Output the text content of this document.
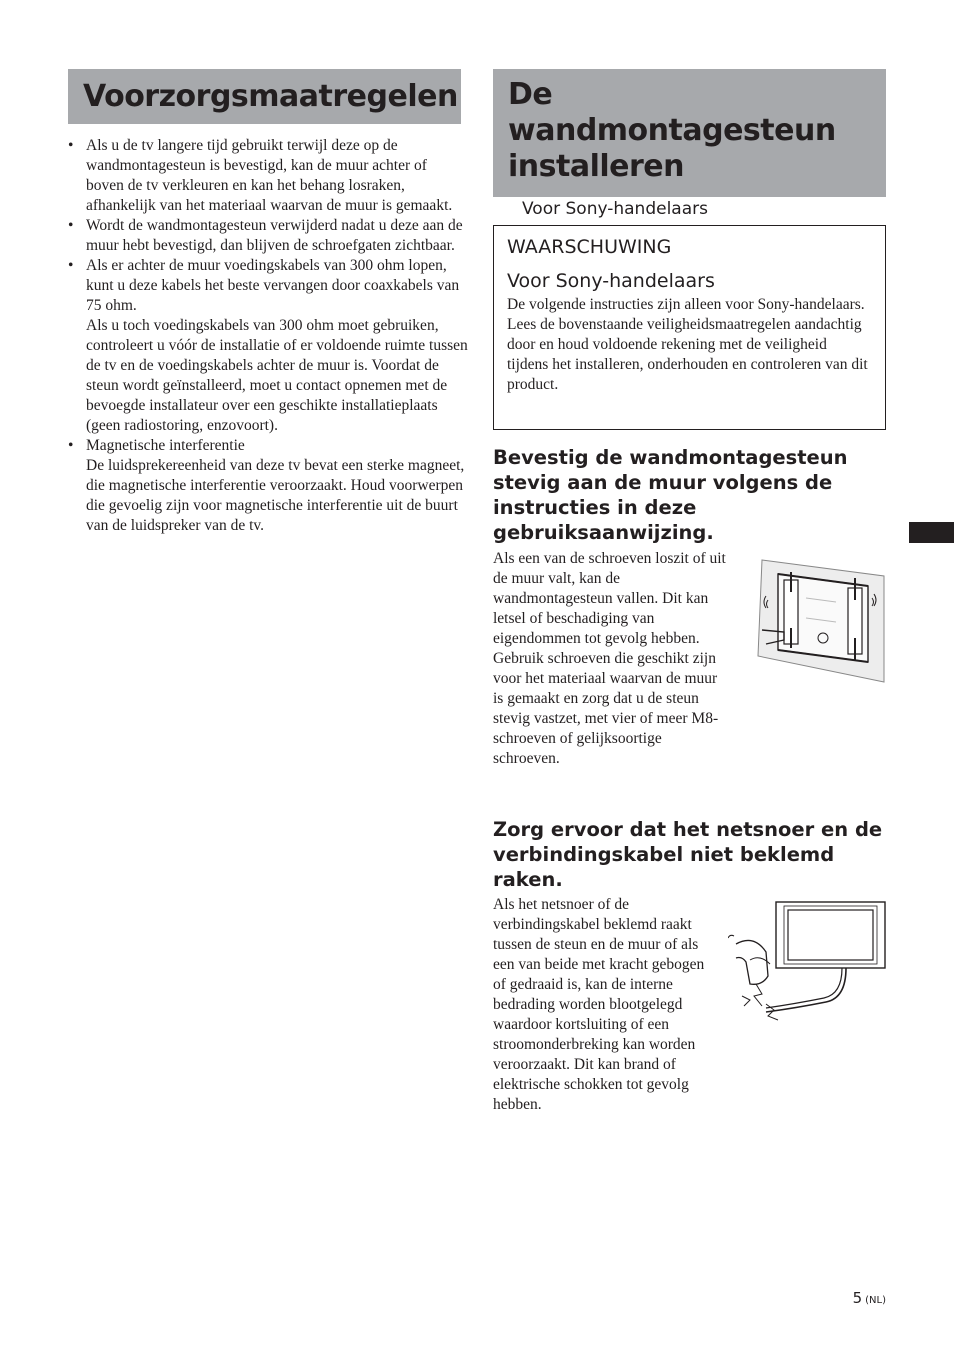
Voorzorgsmaatregelen
• Als u de tv langere tijd gebruikt terwijl deze op de wandmontagesteun is bevestigd, kan de muur achter of boven de tv verkleuren en kan het behang losraken, afhankelijk van het materiaal waarvan de muur is gemaakt.

• Wordt de wandmontagesteun verwijderd nadat u deze aan de muur hebt bevestigd, dan blijven de schroefgaten zichtbaar.

• Als er achter de muur voedingskabels van 300 ohm lopen, kunt u deze kabels het beste vervangen door coaxkabels van 75 ohm.

Als u toch voedingskabels van 300 ohm moet gebruiken, controleert u vóór de installatie of er voldoende ruimte tussen de tv en de voedingskabels achter de muur is. Voordat de steun wordt geïnstalleerd, moet u contact opnemen met de bevoegde installateur over een geschikte installatieplaats (geen radiostoring, enzovoort).

• Magnetische interferentie

De luidsprekereenheid van deze tv bevat een sterke magneet, die magnetische interferentie veroorzaakt. Houd voorwerpen die gevoelig zijn voor magnetische interferentie uit de buurt van de luidspreker van de tv.

De wandmontagesteun installeren
Voor Sony-handelaars

WAARSCHUWING

Voor Sony-handelaars

De volgende instructies zijn alleen voor Sony-handelaars. Lees de bovenstaande veiligheidsmaatregelen aandachtig door en houd voldoende rekening met de veiligheid tijdens het installeren, onderhouden en controleren van dit product.

Bevestig de wandmontagesteun stevig aan de muur volgens de instructies in deze gebruiksaanwijzing.

Als een van de schroeven loszit of uit de muur valt, kan de wandmontagesteun vallen. Dit kan letsel of beschadiging van eigendommen tot gevolg hebben. Gebruik schroeven die geschikt zijn voor het materiaal waarvan de muur is gemaakt en zorg dat u de steun stevig vastzet, met vier of meer M8-schroeven of gelijksoortige schroeven.

Zorg ervoor dat het netsnoer en de verbindingskabel niet beklemd raken.

Als het netsnoer of de verbindingskabel beklemd raakt tussen de steun en de muur of als een van beide met kracht gebogen of gedraaid is, kan de interne bedrading worden blootgelegd waardoor kortsluiting of een stroomonderbreking kan worden veroorzaakt. Dit kan brand of elektrische schokken tot gevolg hebben.

5 (NL)
